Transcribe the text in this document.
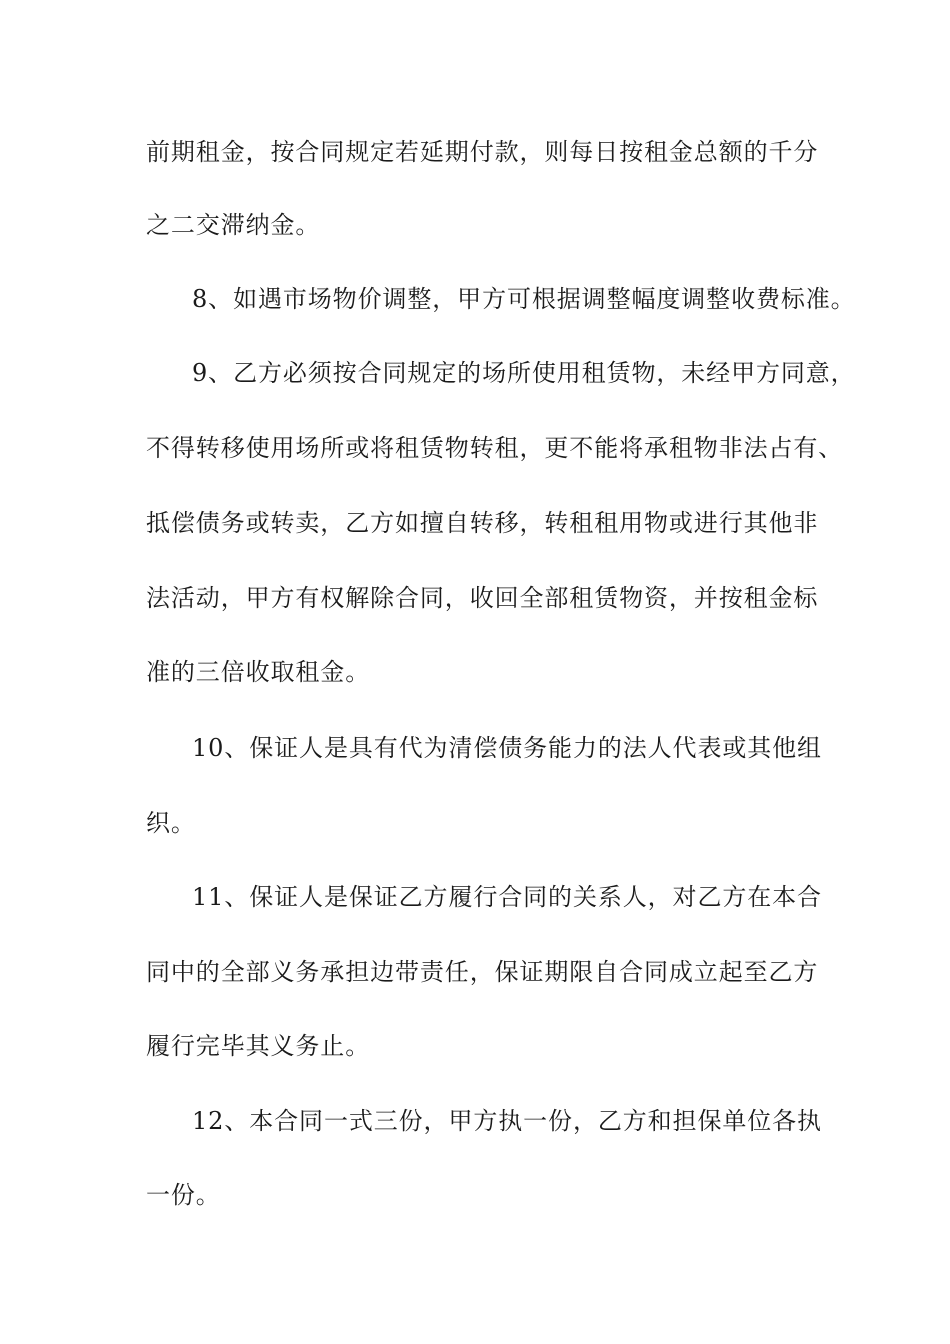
前期租金，按合同规定若延期付款，则每日按租金总额的千分
之二交滞纳金。
8、如遇市场物价调整，甲方可根据调整幅度调整收费标准。
9、乙方必须按合同规定的场所使用租赁物，未经甲方同意，
不得转移使用场所或将租赁物转租，更不能将承租物非法占有、
抵偿债务或转卖，乙方如擅自转移，转租租用物或进行其他非
法活动，甲方有权解除合同，收回全部租赁物资，并按租金标
准的三倍收取租金。
10、保证人是具有代为清偿债务能力的法人代表或其他组
织。
11、保证人是保证乙方履行合同的关系人，对乙方在本合
同中的全部义务承担边带责任，保证期限自合同成立起至乙方
履行完毕其义务止。
12、本合同一式三份，甲方执一份，乙方和担保单位各执
一份。
